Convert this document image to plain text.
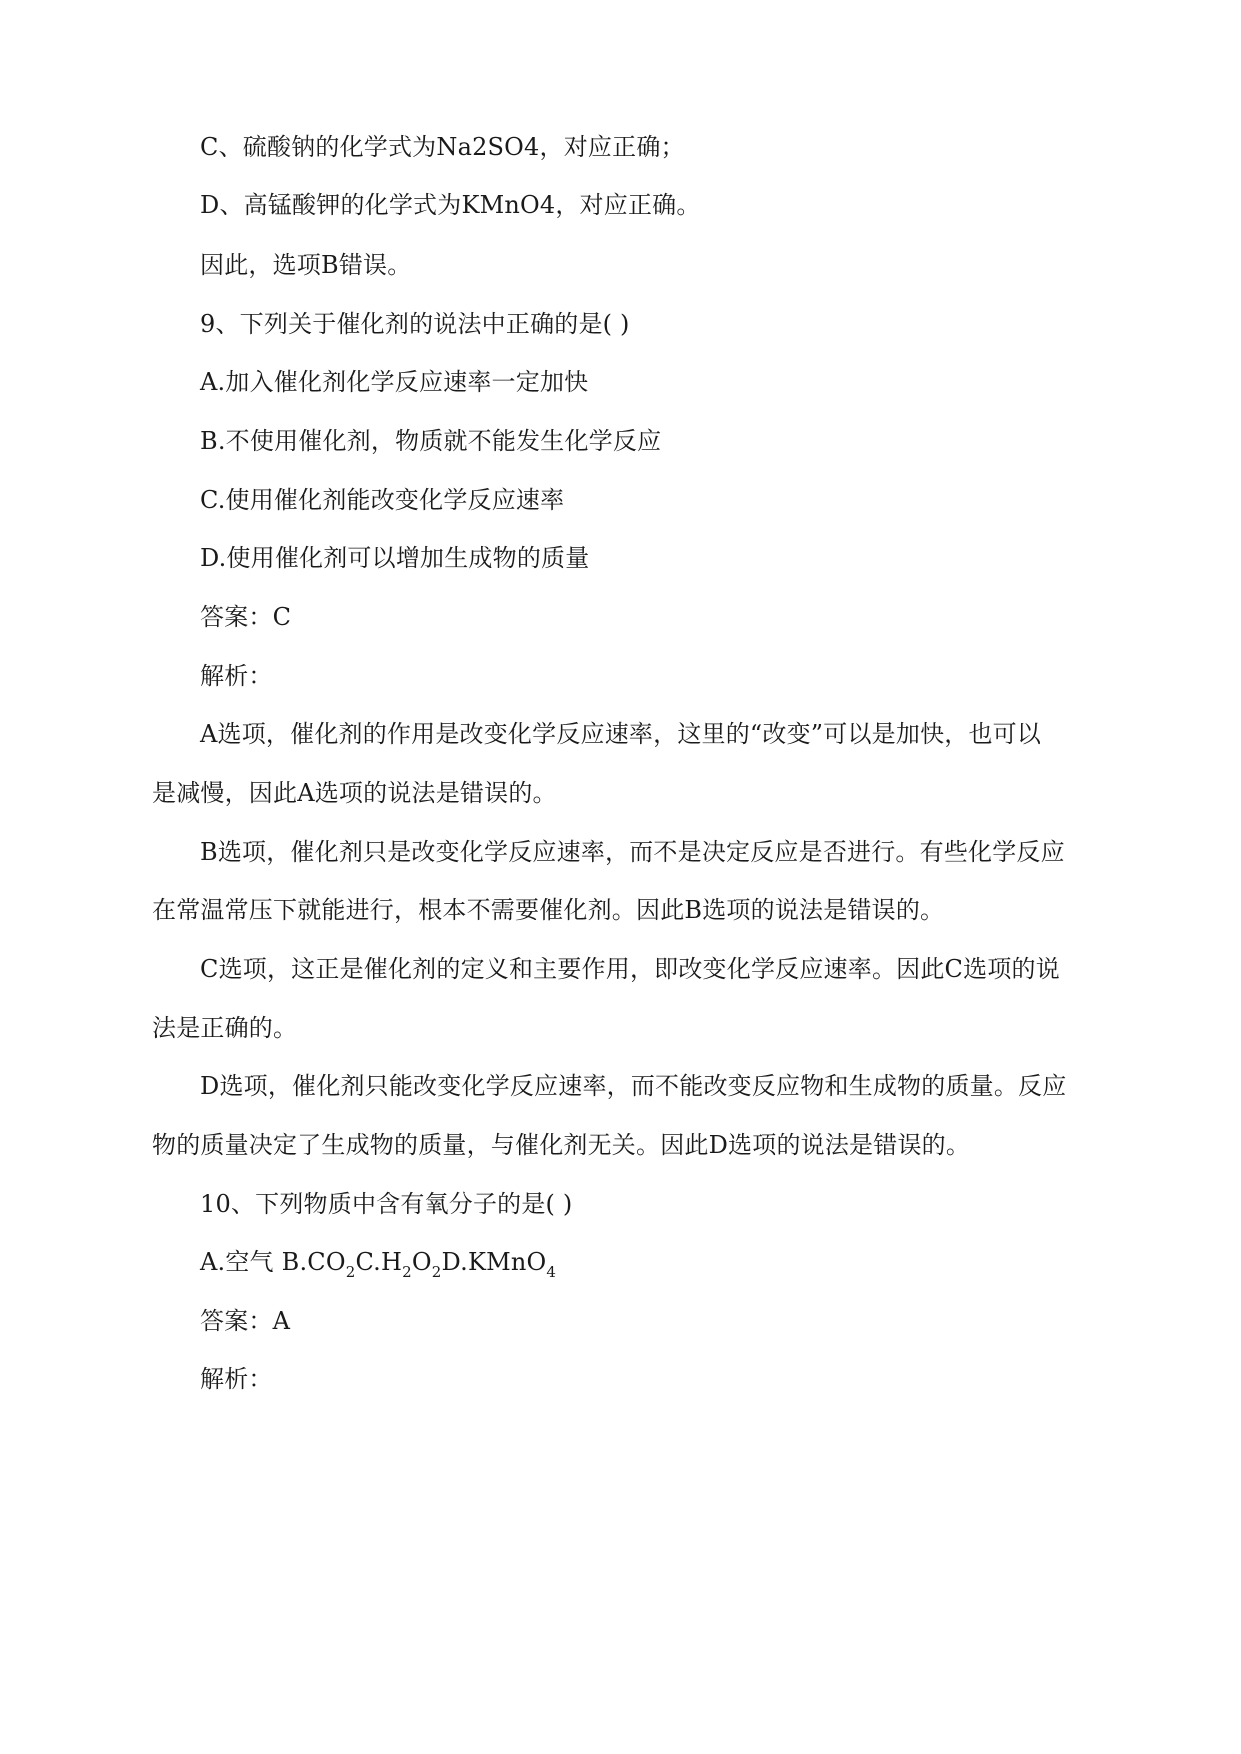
C、硫酸钠的化学式为Na2SO4，对应正确；
D、高锰酸钾的化学式为KMnO4，对应正确。
因此，选项B错误。
9、下列关于催化剂的说法中正确的是( )
A.加入催化剂化学反应速率一定加快
B.不使用催化剂，物质就不能发生化学反应
C.使用催化剂能改变化学反应速率
D.使用催化剂可以增加生成物的质量
答案：C
解析：
A选项，催化剂的作用是改变化学反应速率，这里的“改变”可以是加快，也可以
是减慢，因此A选项的说法是错误的。
B选项，催化剂只是改变化学反应速率，而不是决定反应是否进行。有些化学反应
在常温常压下就能进行，根本不需要催化剂。因此B选项的说法是错误的。
C选项，这正是催化剂的定义和主要作用，即改变化学反应速率。因此C选项的说
法是正确的。
D选项，催化剂只能改变化学反应速率，而不能改变反应物和生成物的质量。反应
物的质量决定了生成物的质量，与催化剂无关。因此D选项的说法是错误的。
10、下列物质中含有氧分子的是( )
A.空气 $B.CO_2C.H_2O_2D.KMnO_4$
答案：A
解析：
